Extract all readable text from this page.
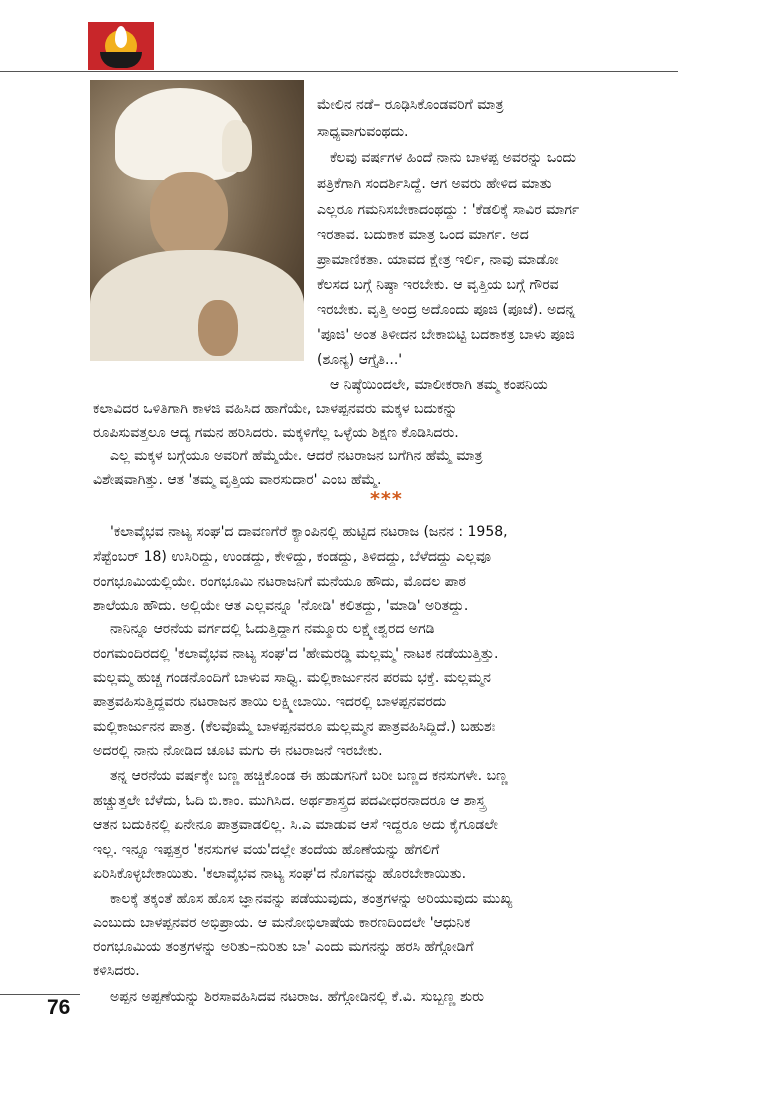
ಮೇಲಿನ ನಡೆ– ರೂಢಿಸಿಕೊಂಡವರಿಗೆ ಮಾತ್ರ

ಸಾಧ್ಯವಾಗುವಂಥದು.

ಕೆಲವು ವರ್ಷಗಳ ಹಿಂದೆ ನಾನು ಬಾಳಪ್ಪ ಅವರನ್ನು ಒಂದು

ಪತ್ರಿಕೆಗಾಗಿ ಸಂದರ್ಶಿಸಿದ್ದೆ. ಆಗ ಅವರು ಹೇಳಿದ ಮಾತು

ಎಲ್ಲರೂ ಗಮನಿಸಬೇಕಾದಂಥದ್ದು : 'ಕೆಡಲಿಕ್ಕೆ ಸಾವಿರ ಮಾರ್ಗ

ಇರತಾವ. ಬದುಕಾಕ ಮಾತ್ರ ಒಂದ ಮಾರ್ಗ. ಅದ

ಪ್ರಾಮಾಣಿಕತಾ. ಯಾವದ ಕ್ಷೇತ್ರ ಇರ್ಲಿ, ನಾವು ಮಾಡೋ

ಕೆಲಸದ ಬಗ್ಗೆ ನಿಷ್ಠಾ ಇರಬೇಕು. ಆ ವೃತ್ತಿಯ ಬಗ್ಗೆ ಗೌರವ

ಇರಬೇಕು. ವೃತ್ತಿ ಅಂದ್ರ ಅದೊಂದು ಪೂಜಿ (ಪೂಜೆ). ಅದನ್ನ

'ಪೂಜಿ' ಅಂತ ತಿಳೀದನ ಬೇಕಾಬಿಟ್ಟಿ ಬದಕಾಕತ್ರ ಬಾಳು ಪೂಜಿ

(ಶೂನ್ಯ) ಆಗ್ತೈತಿ...'

ಆ ನಿಷ್ಠೆಯಿಂದಲೇ, ಮಾಲೀಕರಾಗಿ ತಮ್ಮ ಕಂಪನಿಯ

ಕಲಾವಿದರ ಒಳಿತಿಗಾಗಿ ಕಾಳಜಿ ವಹಿಸಿದ ಹಾಗೆಯೇ, ಬಾಳಪ್ಪನವರು ಮಕ್ಕಳ ಬದುಕನ್ನು

ರೂಪಿಸುವತ್ತಲೂ ಆದ್ಯ ಗಮನ ಹರಿಸಿದರು. ಮಕ್ಕಳಿಗೆಲ್ಲ ಒಳ್ಳೆಯ ಶಿಕ್ಷಣ ಕೊಡಿಸಿದರು.

ಎಲ್ಲ ಮಕ್ಕಳ ಬಗ್ಗೆಯೂ ಅವರಿಗೆ ಹೆಮ್ಮೆಯೇ. ಆದರೆ ನಟರಾಜನ ಬಗೆಗಿನ ಹೆಮ್ಮೆ ಮಾತ್ರ

ವಿಶೇಷವಾಗಿತ್ತು. ಆತ 'ತಮ್ಮ ವೃತ್ತಿಯ ವಾರಸುದಾರ' ಎಂಬ ಹೆಮ್ಮೆ.

***

'ಕಲಾವೈಭವ ನಾಟ್ಯ ಸಂಘ'ದ ದಾವಣಗೆರೆ ಕ್ಯಾಂಪಿನಲ್ಲಿ ಹುಟ್ಟಿದ ನಟರಾಜ (ಜನನ : 1958,

ಸೆಪ್ಟೆಂಬರ್ 18) ಉಸಿರಿದ್ದು, ಉಂಡದ್ದು, ಕೇಳಿದ್ದು, ಕಂಡದ್ದು, ತಿಳಿದದ್ದು, ಬೆಳೆದದ್ದು ಎಲ್ಲವೂ

ರಂಗಭೂಮಿಯಲ್ಲಿಯೇ. ರಂಗಭೂಮಿ ನಟರಾಜನಿಗೆ ಮನೆಯೂ ಹೌದು, ಮೊದಲ ಪಾಠ

ಶಾಲೆಯೂ ಹೌದು. ಅಲ್ಲಿಯೇ ಆತ ಎಲ್ಲವನ್ನೂ 'ನೋಡಿ' ಕಲಿತದ್ದು, 'ಮಾಡಿ' ಅರಿತದ್ದು.

ನಾನಿನ್ನೂ ಆರನೆಯ ವರ್ಗದಲ್ಲಿ ಓದುತ್ತಿದ್ದಾಗ ನಮ್ಮೂರು ಲಕ್ಷ್ಮೇಶ್ವರದ ಅಗಡಿ

ರಂಗಮಂದಿರದಲ್ಲಿ 'ಕಲಾವೈಭವ ನಾಟ್ಯ ಸಂಘ'ದ 'ಹೇಮರಡ್ಡಿ ಮಲ್ಲಮ್ಮ' ನಾಟಕ ನಡೆಯುತ್ತಿತ್ತು.

ಮಲ್ಲಮ್ಮ ಹುಚ್ಚ ಗಂಡನೊಂದಿಗೆ ಬಾಳುವ ಸಾಧ್ವಿ. ಮಲ್ಲಿಕಾರ್ಜುನನ ಪರಮ ಭಕ್ತೆ. ಮಲ್ಲಮ್ಮನ

ಪಾತ್ರವಹಿಸುತ್ತಿದ್ದವರು ನಟರಾಜನ ತಾಯಿ ಲಕ್ಷ್ಮೀಬಾಯಿ. ಇದರಲ್ಲಿ ಬಾಳಪ್ಪನವರದು

ಮಲ್ಲಿಕಾರ್ಜುನನ ಪಾತ್ರ. (ಕೆಲವೊಮ್ಮೆ ಬಾಳಪ್ಪನವರೂ ಮಲ್ಲಮ್ಮನ ಪಾತ್ರವಹಿಸಿದ್ದಿದೆ.) ಬಹುಶಃ

ಅದರಲ್ಲಿ ನಾನು ನೋಡಿದ ಚೂಟಿ ಮಗು ಈ ನಟರಾಜನೆ ಇರಬೇಕು.

ತನ್ನ ಆರನೆಯ ವರ್ಷಕ್ಕೇ ಬಣ್ಣ ಹಚ್ಚಿಕೊಂಡ ಈ ಹುಡುಗನಿಗೆ ಬರೀ ಬಣ್ಣದ ಕನಸುಗಳೇ. ಬಣ್ಣ

ಹಚ್ಚುತ್ತಲೇ ಬೆಳೆದು, ಓದಿ ಬಿ.ಕಾಂ. ಮುಗಿಸಿದ. ಅರ್ಥಶಾಸ್ತ್ರದ ಪದವೀಧರನಾದರೂ ಆ ಶಾಸ್ತ್ರ

ಆತನ ಬದುಕಿನಲ್ಲಿ ಏನೇನೂ ಪಾತ್ರವಾಡಲಿಲ್ಲ. ಸಿ.ಎ ಮಾಡುವ ಆಸೆ ಇದ್ದರೂ ಅದು ಕೈಗೂಡಲೇ

ಇಲ್ಲ. ಇನ್ನೂ ಇಪ್ಪತ್ತರ 'ಕನಸುಗಳ ವಯ'ದಲ್ಲೇ ತಂದೆಯ ಹೊಣೆಯನ್ನು ಹೆಗಲಿಗೆ

ಏರಿಸಿಕೊಳ್ಳಬೇಕಾಯಿತು. 'ಕಲಾವೈಭವ ನಾಟ್ಯ ಸಂಘ'ದ ನೊಗವನ್ನು ಹೊರಬೇಕಾಯಿತು.

ಕಾಲಕ್ಕೆ ತಕ್ಕಂತೆ ಹೊಸ ಹೊಸ ಜ್ಞಾನವನ್ನು ಪಡೆಯುವುದು, ತಂತ್ರಗಳನ್ನು ಅರಿಯುವುದು ಮುಖ್ಯ

ಎಂಬುದು ಬಾಳಪ್ಪನವರ ಅಭಿಪ್ರಾಯ. ಆ ಮನೋಭಿಲಾಷೆಯ ಕಾರಣದಿಂದಲೇ 'ಆಧುನಿಕ

ರಂಗಭೂಮಿಯ ತಂತ್ರಗಳನ್ನು ಅರಿತು–ನುರಿತು ಬಾ' ಎಂದು ಮಗನನ್ನು ಹರಸಿ ಹೆಗ್ಗೋಡಿಗೆ

ಕಳಿಸಿದರು.

ಅಪ್ಪನ ಅಪ್ಪಣೆಯನ್ನು ಶಿರಸಾವಹಿಸಿದವ ನಟರಾಜ. ಹೆಗ್ಗೋಡಿನಲ್ಲಿ ಕೆ.ವಿ. ಸುಬ್ಬಣ್ಣ ಶುರು

76
